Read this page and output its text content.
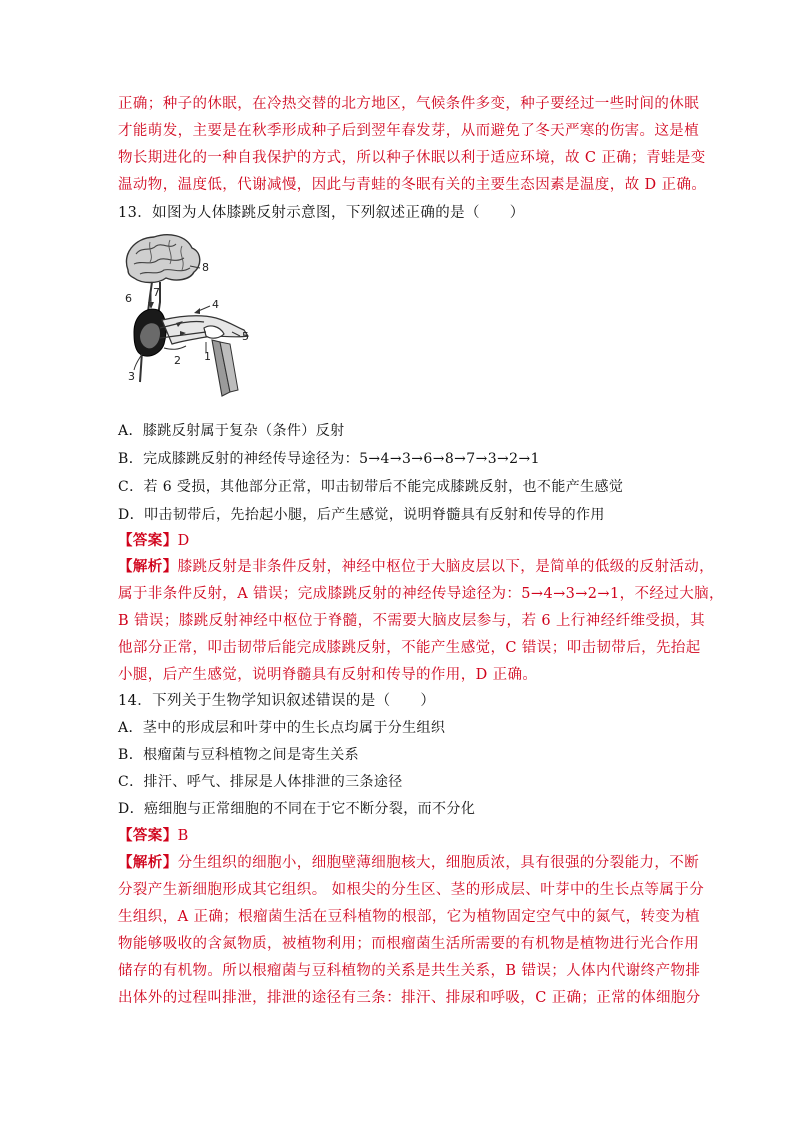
正确；种子的休眠，在冷热交替的北方地区，气候条件多变，种子要经过一些时间的休眠
才能萌发，主要是在秋季形成种子后到翌年春发芽，从而避免了冬天严寒的伤害。这是植
物长期进化的一种自我保护的方式，所以种子休眠以利于适应环境，故 C 正确；青蛙是变
温动物，温度低，代谢减慢，因此与青蛙的冬眠有关的主要生态因素是温度，故 D 正确。
13．如图为人体膝跳反射示意图，下列叙述正确的是（　　）
8
6 7
4
5
1
2
3
A．膝跳反射属于复杂（条件）反射
B．完成膝跳反射的神经传导途径为：5→4→3→6→8→7→3→2→1
C．若 6 受损，其他部分正常，叩击韧带后不能完成膝跳反射，也不能产生感觉
D．叩击韧带后，先抬起小腿，后产生感觉，说明脊髓具有反射和传导的作用
【答案】D
【解析】膝跳反射是非条件反射，神经中枢位于大脑皮层以下，是简单的低级的反射活动，
属于非条件反射，A 错误；完成膝跳反射的神经传导途径为：5→4→3→2→1，不经过大脑，
B 错误；膝跳反射神经中枢位于脊髓，不需要大脑皮层参与，若 6 上行神经纤维受损，其
他部分正常，叩击韧带后能完成膝跳反射，不能产生感觉，C 错误；叩击韧带后，先抬起
小腿，后产生感觉，说明脊髓具有反射和传导的作用，D 正确。
14．下列关于生物学知识叙述错误的是（　　）
A．茎中的形成层和叶芽中的生长点均属于分生组织
B．根瘤菌与豆科植物之间是寄生关系
C．排汗、呼气、排尿是人体排泄的三条途径
D．癌细胞与正常细胞的不同在于它不断分裂，而不分化
【答案】B
【解析】分生组织的细胞小，细胞壁薄细胞核大，细胞质浓，具有很强的分裂能力，不断
分裂产生新细胞形成其它组织。 如根尖的分生区、茎的形成层、叶芽中的生长点等属于分
生组织，A 正确；根瘤菌生活在豆科植物的根部，它为植物固定空气中的氮气，转变为植
物能够吸收的含氮物质，被植物利用；而根瘤菌生活所需要的有机物是植物进行光合作用
储存的有机物。所以根瘤菌与豆科植物的关系是共生关系，B 错误；人体内代谢终产物排
出体外的过程叫排泄，排泄的途径有三条：排汗、排尿和呼吸，C 正确；正常的体细胞分
